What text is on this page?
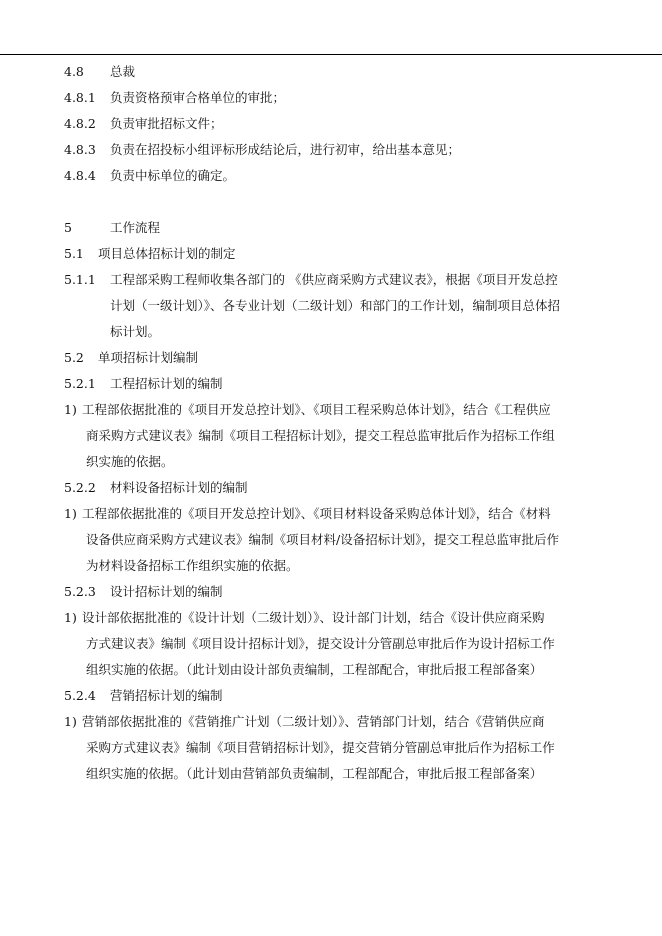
4.8 总裁
4.8.1 负责资格预审合格单位的审批；
4.8.2 负责审批招标文件；
4.8.3 负责在招投标小组评标形成结论后，进行初审，给出基本意见；
4.8.4 负责中标单位的确定。
5	工作流程
5.1 项目总体招标计划的制定
5.1.1 工程部采购工程师收集各部门的 《供应商采购方式建议表》，根据《项目开发总控
计划（一级计划）》、各专业计划（二级计划）和部门的工作计划，编制项目总体招
标计划。
5.2 单项招标计划编制
5.2.1 工程招标计划的编制
1) 工程部依据批准的《项目开发总控计划》、《项目工程采购总体计划》，结合《工程供应
商采购方式建议表》编制《项目工程招标计划》，提交工程总监审批后作为招标工作组
织实施的依据。
5.2.2 材料设备招标计划的编制
1) 工程部依据批准的《项目开发总控计划》、《项目材料设备采购总体计划》，结合《材料
设备供应商采购方式建议表》编制《项目材料/设备招标计划》，提交工程总监审批后作
为材料设备招标工作组织实施的依据。
5.2.3 设计招标计划的编制
1) 设计部依据批准的《设计计划（二级计划）》、设计部门计划，结合《设计供应商采购
方式建议表》编制《项目设计招标计划》，提交设计分管副总审批后作为设计招标工作
组织实施的依据。（此计划由设计部负责编制，工程部配合，审批后报工程部备案）
5.2.4 营销招标计划的编制
1) 营销部依据批准的《营销推广计划（二级计划）》、营销部门计划，结合《营销供应商
采购方式建议表》编制《项目营销招标计划》，提交营销分管副总审批后作为招标工作
组织实施的依据。（此计划由营销部负责编制，工程部配合，审批后报工程部备案）
